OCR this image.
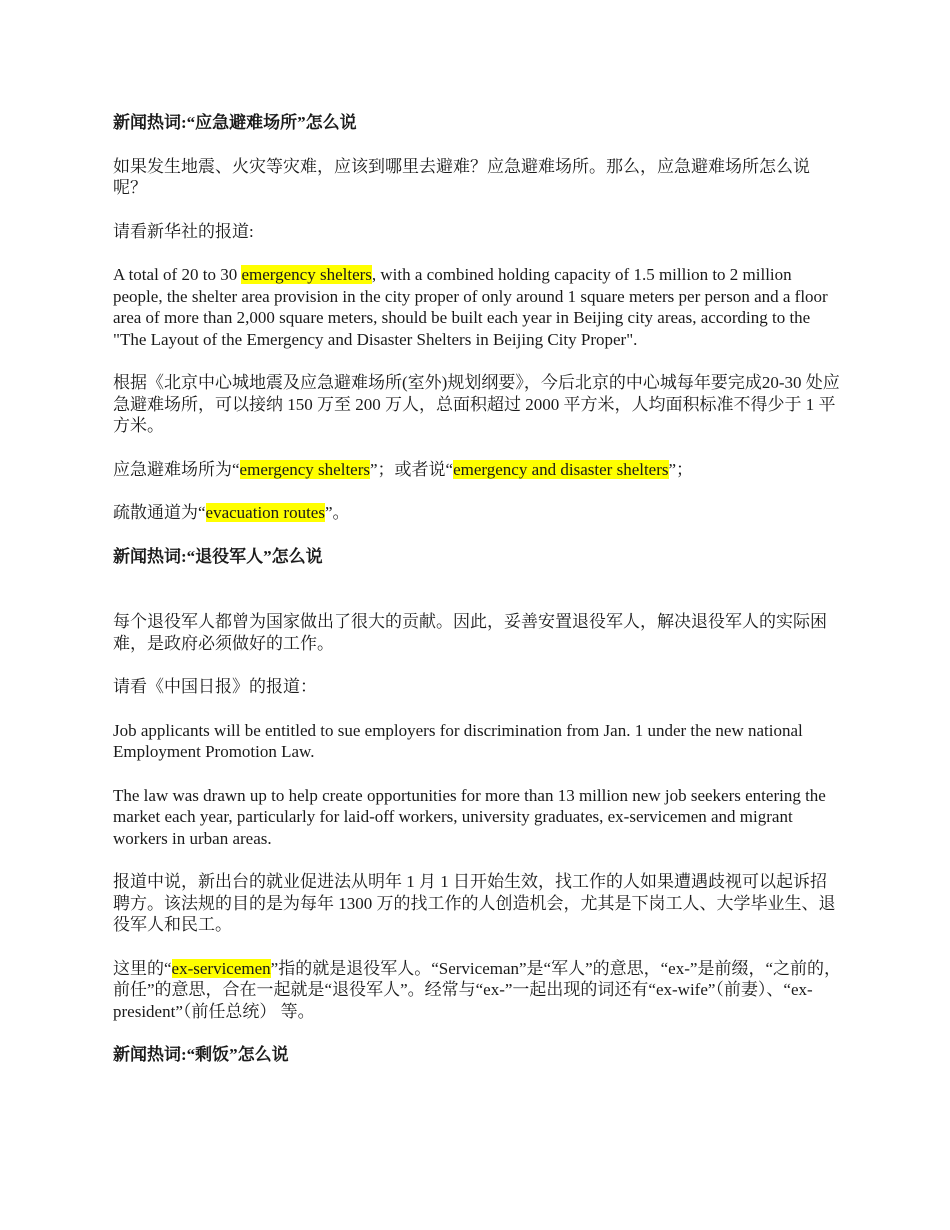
新闻热词:“应急避难场所”怎么说

如果发生地震、火灾等灾难，应该到哪里去避难？应急避难场所。那么，应急避难场所怎么说呢？

请看新华社的报道:

A total of 20 to 30 emergency shelters, with a combined holding capacity of 1.5 million to 2 million people, the shelter area provision in the city proper of only around 1 square meters per person and a floor area of more than 2,000 square meters, should be built each year in Beijing city areas, according to the "The Layout of the Emergency and Disaster Shelters in Beijing City Proper".

根据《北京中心城地震及应急避难场所(室外)规划纲要》，今后北京的中心城每年要完成20-30 处应急避难场所，可以接纳 150 万至 200 万人，总面积超过 2000 平方米，人均面积标准不得少于 1 平方米。

应急避难场所为“emergency shelters”；或者说“emergency and disaster shelters”；

疏散通道为“evacuation routes”。

新闻热词:“退役军人”怎么说

每个退役军人都曾为国家做出了很大的贡献。因此，妥善安置退役军人，解决退役军人的实际困难，是政府必须做好的工作。

请看《中国日报》的报道：

Job applicants will be entitled to sue employers for discrimination from Jan. 1 under the new national Employment Promotion Law.

The law was drawn up to help create opportunities for more than 13 million new job seekers entering the market each year, particularly for laid-off workers, university graduates, ex-servicemen and migrant workers in urban areas.

报道中说，新出台的就业促进法从明年 1 月 1 日开始生效，找工作的人如果遭遇歧视可以起诉招聘方。该法规的目的是为每年 1300 万的找工作的人创造机会，尤其是下岗工人、大学毕业生、退役军人和民工。

这里的“ex-servicemen”指的就是退役军人。“Serviceman”是“军人”的意思，“ex-”是前缀，“之前的， 前任”的意思，合在一起就是“退役军人”。经常与“ex-”一起出现的词还有“ex-wife”（前妻）、“ex-president”（前任总统） 等。

新闻热词:“剩饭”怎么说
